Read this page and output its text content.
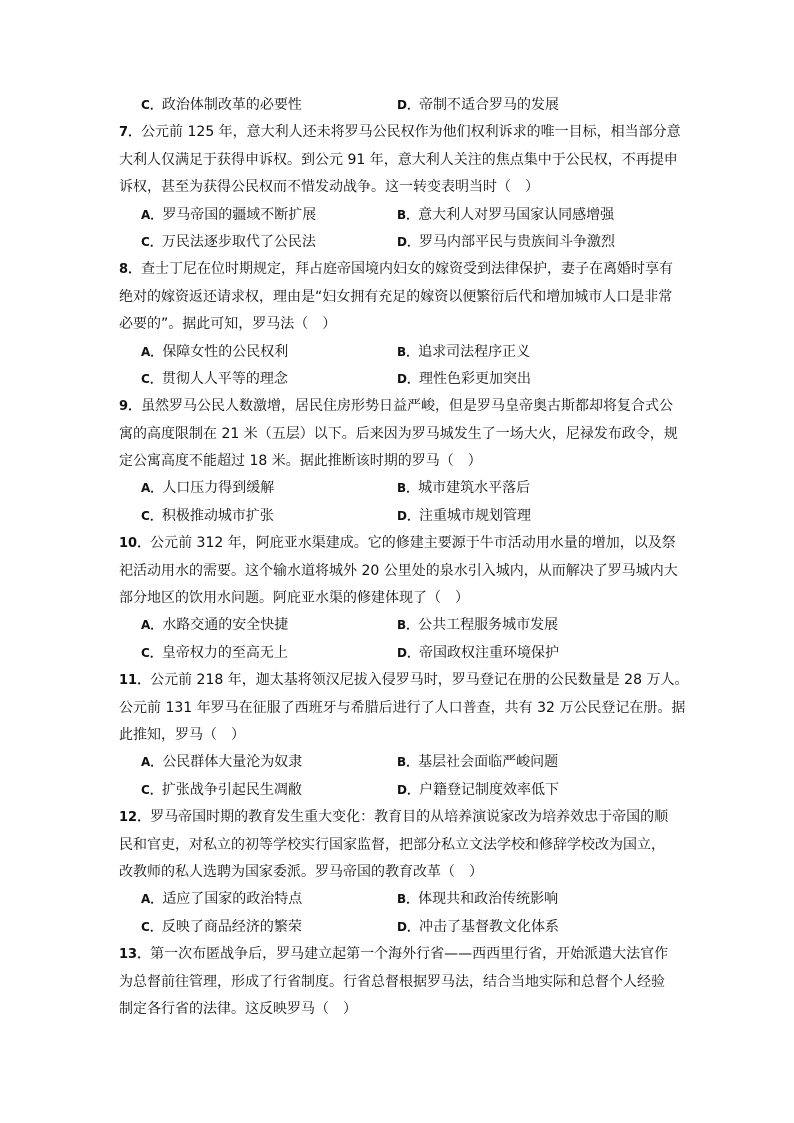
C．政治体制改革的必要性	D．帝制不适合罗马的发展
7．公元前 125 年，意大利人还未将罗马公民权作为他们权利诉求的唯一目标，相当部分意
大利人仅满足于获得申诉权。到公元 91 年，意大利人关注的焦点集中于公民权，不再提申
诉权，甚至为获得公民权而不惜发动战争。这一转变表明当时（　）
A．罗马帝国的疆域不断扩展	B．意大利人对罗马国家认同感增强
C．万民法逐步取代了公民法	D．罗马内部平民与贵族间斗争激烈
8．查士丁尼在位时期规定，拜占庭帝国境内妇女的嫁资受到法律保护，妻子在离婚时享有
绝对的嫁资返还请求权，理由是“妇女拥有充足的嫁资以便繁衍后代和增加城市人口是非常
必要的”。据此可知，罗马法（　）
A．保障女性的公民权利	B．追求司法程序正义
C．贯彻人人平等的理念	D．理性色彩更加突出
9．虽然罗马公民人数激增，居民住房形势日益严峻，但是罗马皇帝奥古斯都却将复合式公
寓的高度限制在 21 米（五层）以下。后来因为罗马城发生了一场大火，尼禄发布政令，规
定公寓高度不能超过 18 米。据此推断该时期的罗马（　）
A．人口压力得到缓解	B．城市建筑水平落后
C．积极推动城市扩张	D．注重城市规划管理
10．公元前 312 年，阿庇亚水渠建成。它的修建主要源于牛市活动用水量的增加，以及祭
祀活动用水的需要。这个输水道将城外 20 公里处的泉水引入城内，从而解决了罗马城内大
部分地区的饮用水问题。阿庇亚水渠的修建体现了（　）
A．水路交通的安全快捷	B．公共工程服务城市发展
C．皇帝权力的至高无上	D．帝国政权注重环境保护
11．公元前 218 年，迦太基将领汉尼拔入侵罗马时，罗马登记在册的公民数量是 28 万人。
公元前 131 年罗马在征服了西班牙与希腊后进行了人口普查，共有 32 万公民登记在册。据
此推知，罗马（　）
A．公民群体大量沦为奴隶	B．基层社会面临严峻问题
C．扩张战争引起民生凋敝	D．户籍登记制度效率低下
12．罗马帝国时期的教育发生重大变化：教育目的从培养演说家改为培养效忠于帝国的顺
民和官吏，对私立的初等学校实行国家监督，把部分私立文法学校和修辞学校改为国立，
改教师的私人选聘为国家委派。罗马帝国的教育改革（　）
A．适应了国家的政治特点	B．体现共和政治传统影响
C．反映了商品经济的繁荣	D．冲击了基督教文化体系
13．第一次布匿战争后，罗马建立起第一个海外行省——西西里行省，开始派遣大法官作
为总督前往管理，形成了行省制度。行省总督根据罗马法，结合当地实际和总督个人经验
制定各行省的法律。这反映罗马（　）
